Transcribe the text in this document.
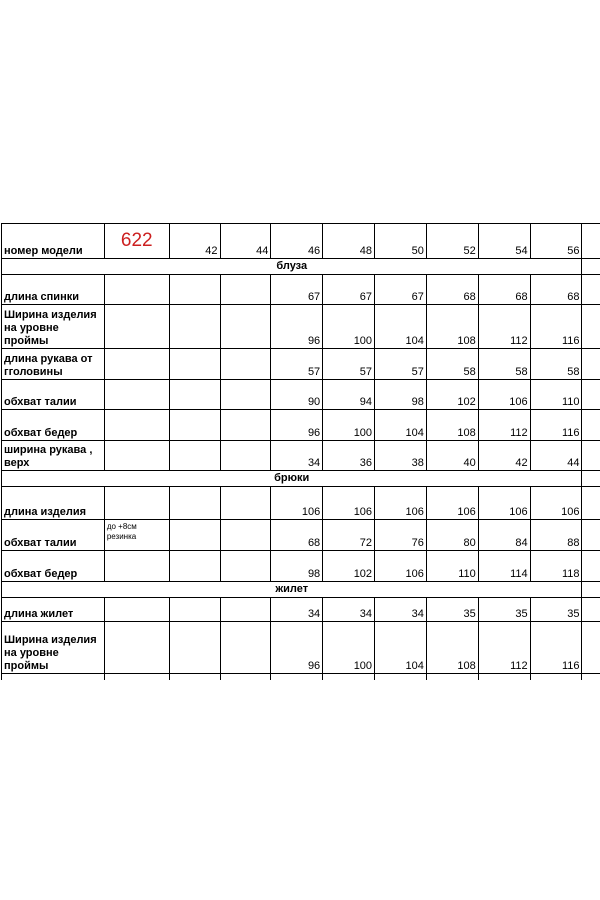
номер модели	622	42	44	46	48	50	52	54	56	
блуза										
длина спинки				67	67	67	68	68	68	
Ширина изделия на уровне проймы				96	100	104	108	112	116	
длина рукава от гголовины				57	57	57	58	58	58	
обхват талии				90	94	98	102	106	110	
обхват бедер				96	100	104	108	112	116	
ширина рукава , верх				34	36	38	40	42	44	
брюки										
длина изделия				106	106	106	106	106	106	
обхват талии	до +8см резинка			68	72	76	80	84	88	
обхват бедер				98	102	106	110	114	118	
жилет										
длина жилет				34	34	34	35	35	35	
Ширина изделия на уровне проймы				96	100	104	108	112	116	
